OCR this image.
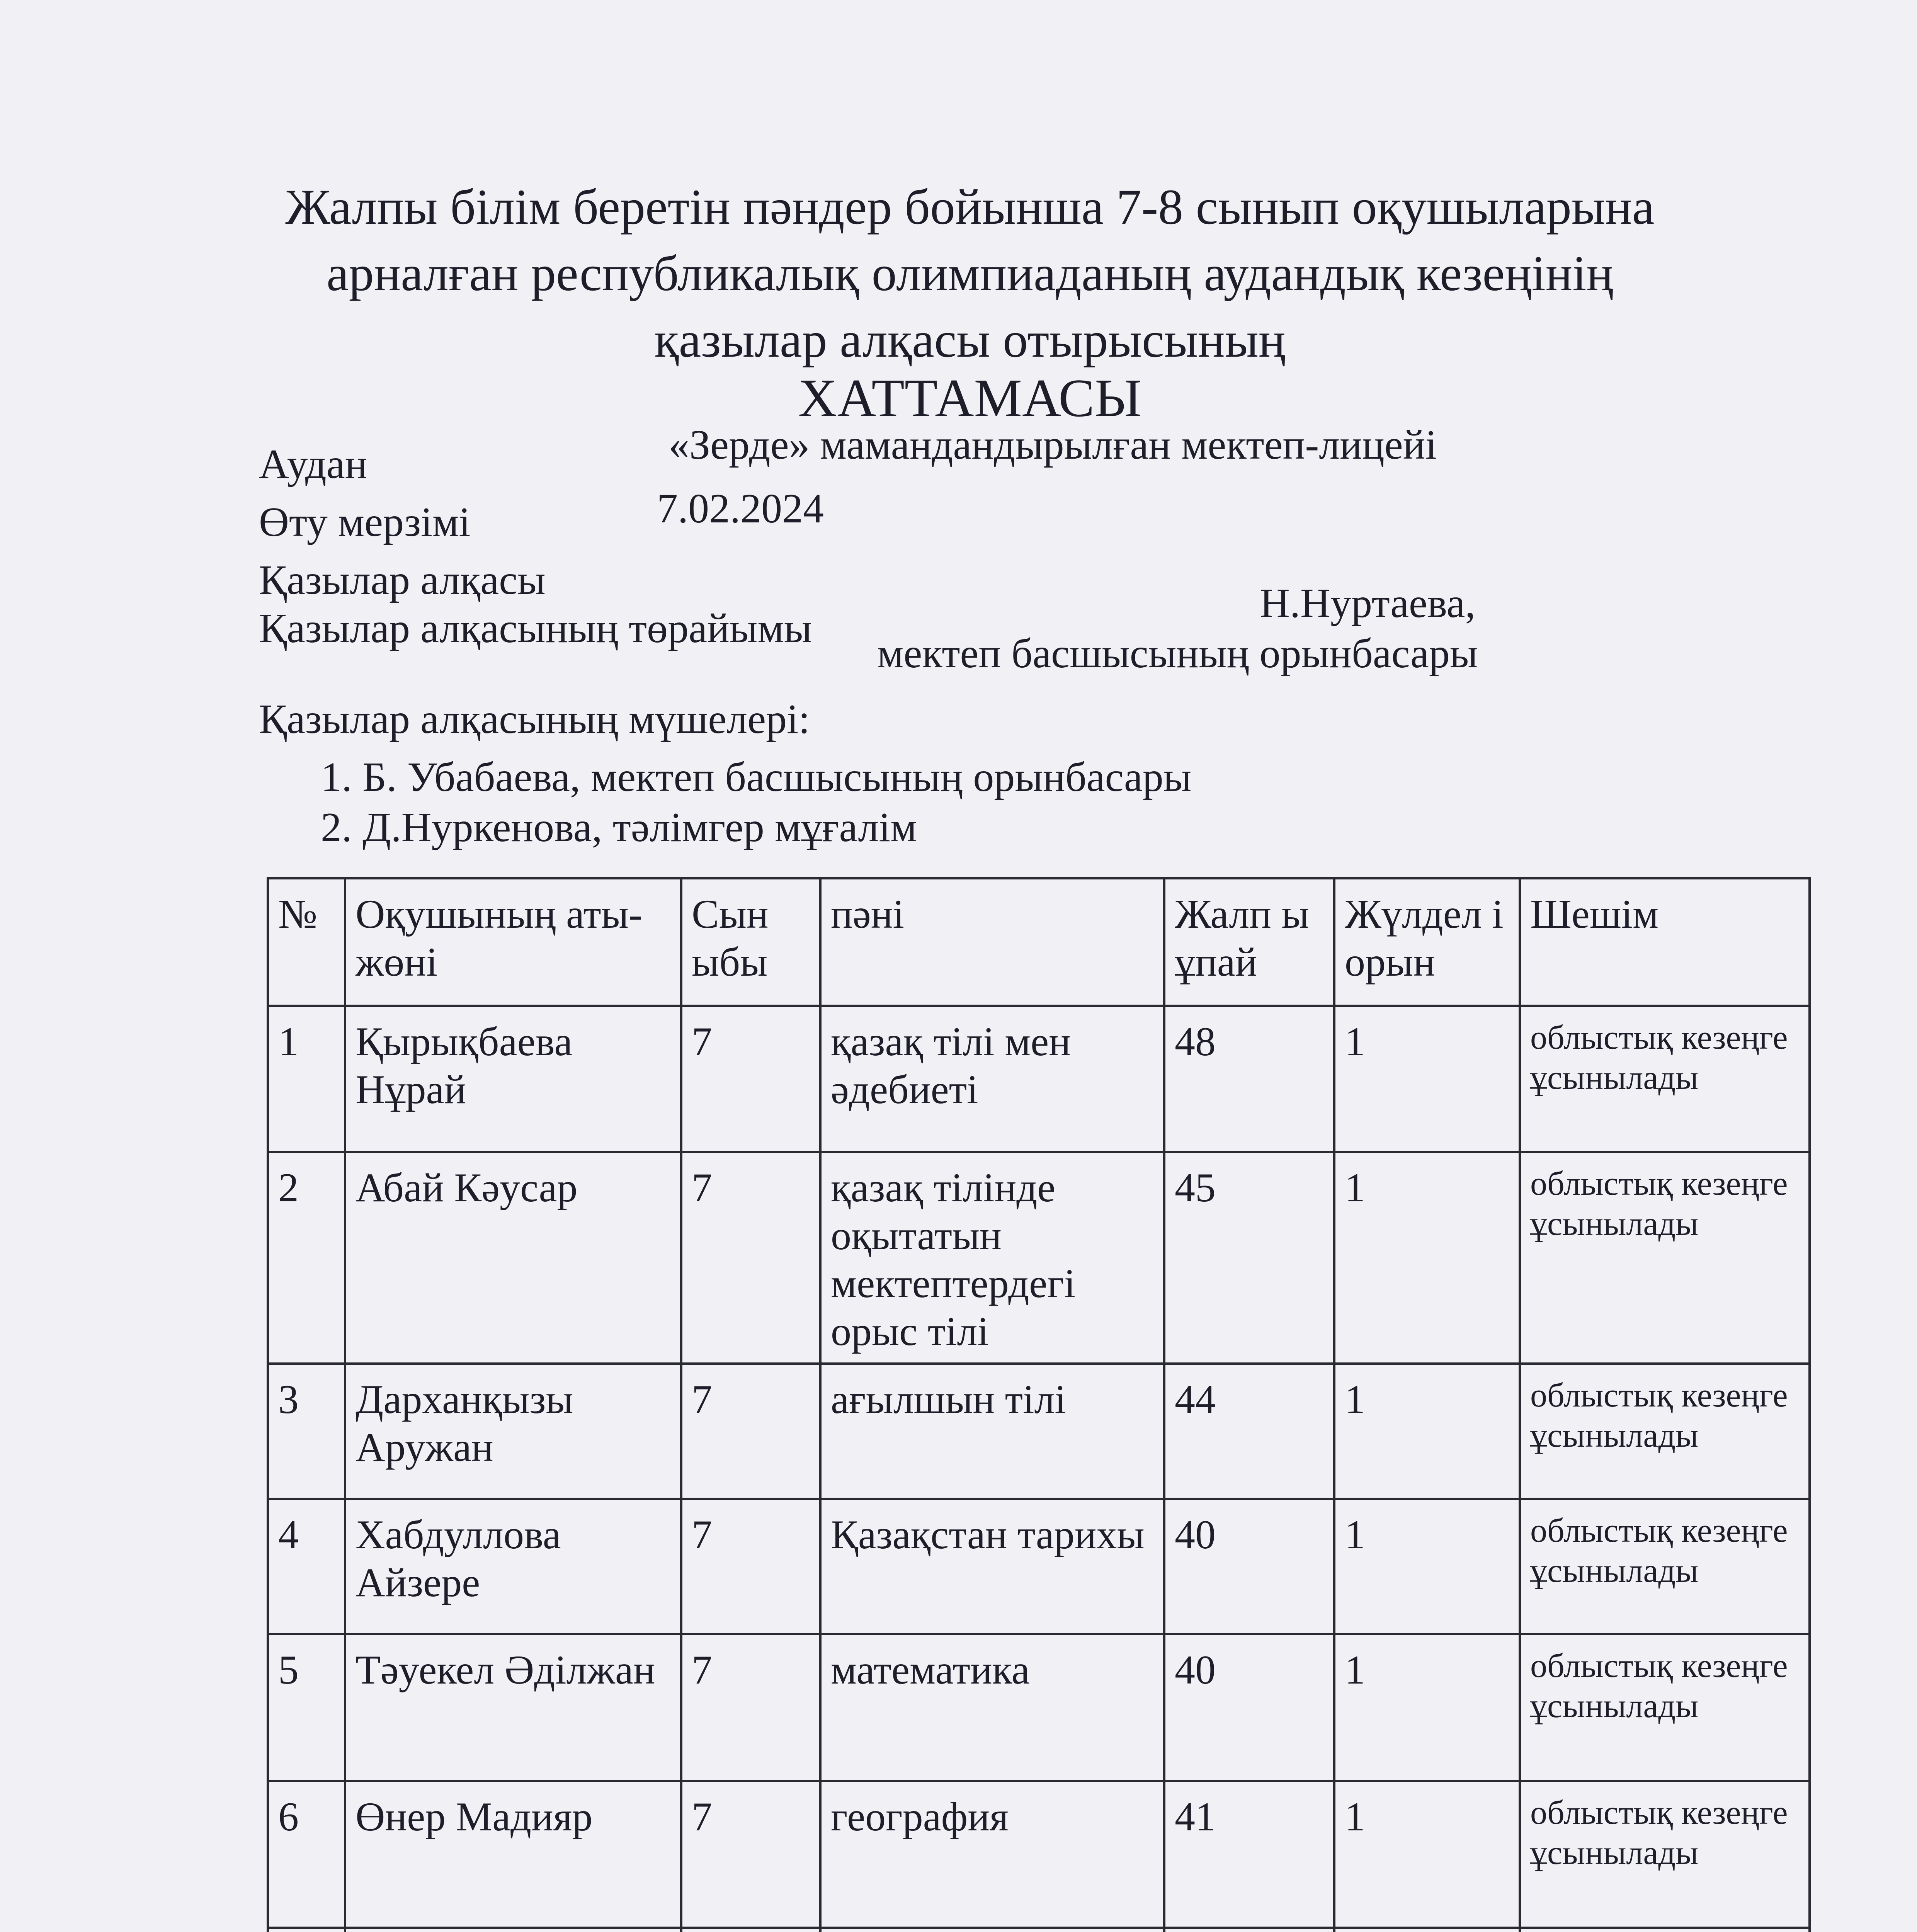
Жалпы білім беретін пәндер бойынша 7-8 сынып оқушыларына
арналған республикалық олимпиаданың аудандық кезеңінің
қазылар алқасы отырысының
ХАТТАМАСЫ
Аудан	«Зерде» мамандандырылған мектеп-лицейі
Өту мерзімі	7.02.2024
Қазылар алқасы
Қазылар алқасының төрайымы
Н.Нуртаева,
мектеп басшысының орынбасары
Қазылар алқасының мүшелері:
1. Б. Убабаева, мектеп басшысының орынбасары
2. Д.Нуркенова, тәлімгер мұғалім
№	Оқушының аты-жөні	Сын ыбы	пәні	Жалп ы ұпай	Жүлдел і орын	Шешім
1	Қырықбаева Нұрай	7	қазақ тілі мен әдебиеті	48	1	облыстық кезеңге ұсынылады
2	Абай Кәусар	7	қазақ тілінде оқытатын мектептердегі орыс тілі	45	1	облыстық кезеңге ұсынылады
3	Дарханқызы Аружан	7	ағылшын тілі	44	1	облыстық кезеңге ұсынылады
4	Хабдуллова Айзере	7	Қазақстан тарихы	40	1	облыстық кезеңге ұсынылады
5	Тәуекел Әділжан	7	математика	40	1	облыстық кезеңге ұсынылады
6	Өнер Мадияр	7	география	41	1	облыстық кезеңге ұсынылады
